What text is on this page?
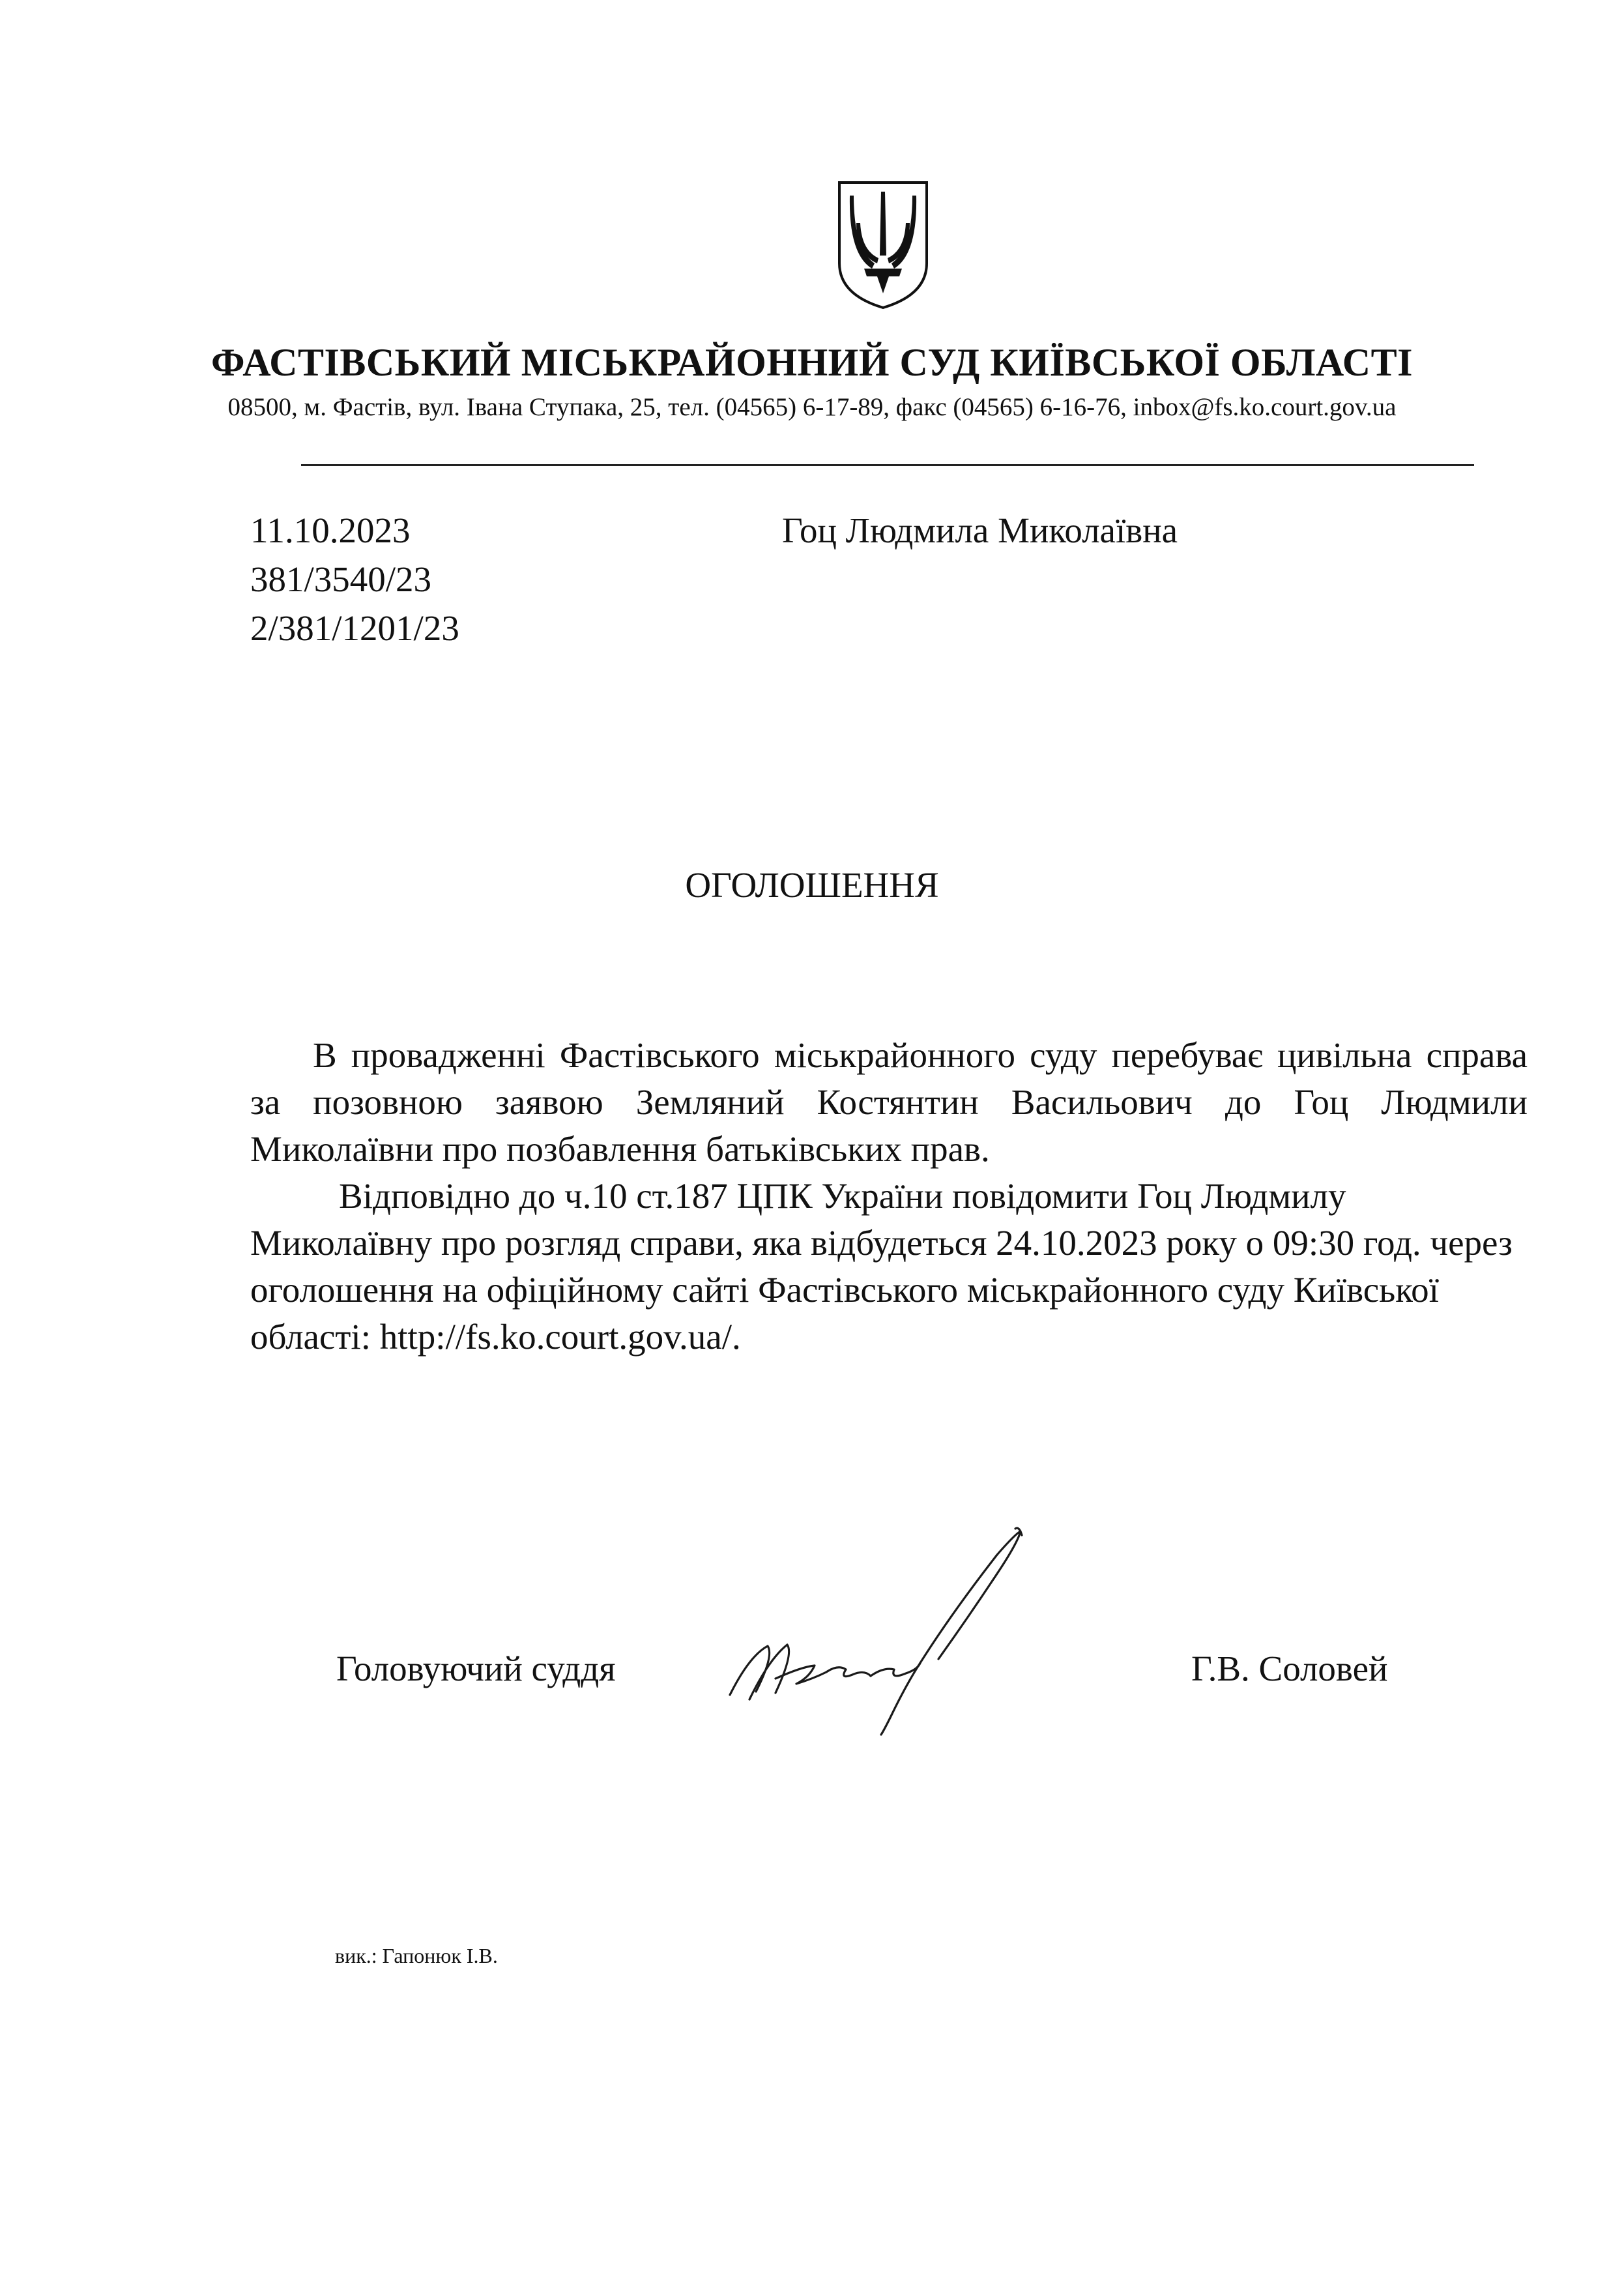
ФАСТІВСЬКИЙ МІСЬКРАЙОННИЙ СУД КИЇВСЬКОЇ ОБЛАСТІ
08500, м. Фастів, вул. Івана Ступака, 25, тел. (04565) 6-17-89, факс (04565) 6-16-76, inbox@fs.ko.court.gov.ua
11.10.2023
381/3540/23
2/381/1201/23
Гоц Людмила Миколаївна
ОГОЛОШЕННЯ

В провадженні Фастівського міськрайонного суду перебуває цивільна справа за позовною заявою Земляний Костянтин Васильович до Гоц Людмили Миколаївни про позбавлення батьківських прав.

Відповідно до ч.10 ст.187 ЦПК України повідомити Гоц Людмилу Миколаївну про розгляд справи, яка відбудеться 24.10.2023 року о 09:30 год. через оголошення на офіційному сайті Фастівського міськрайонного суду Київської області: http://fs.ko.court.gov.ua/.

Головуючий суддя	Г.В. Соловей
вик.: Гапонюк І.В.
